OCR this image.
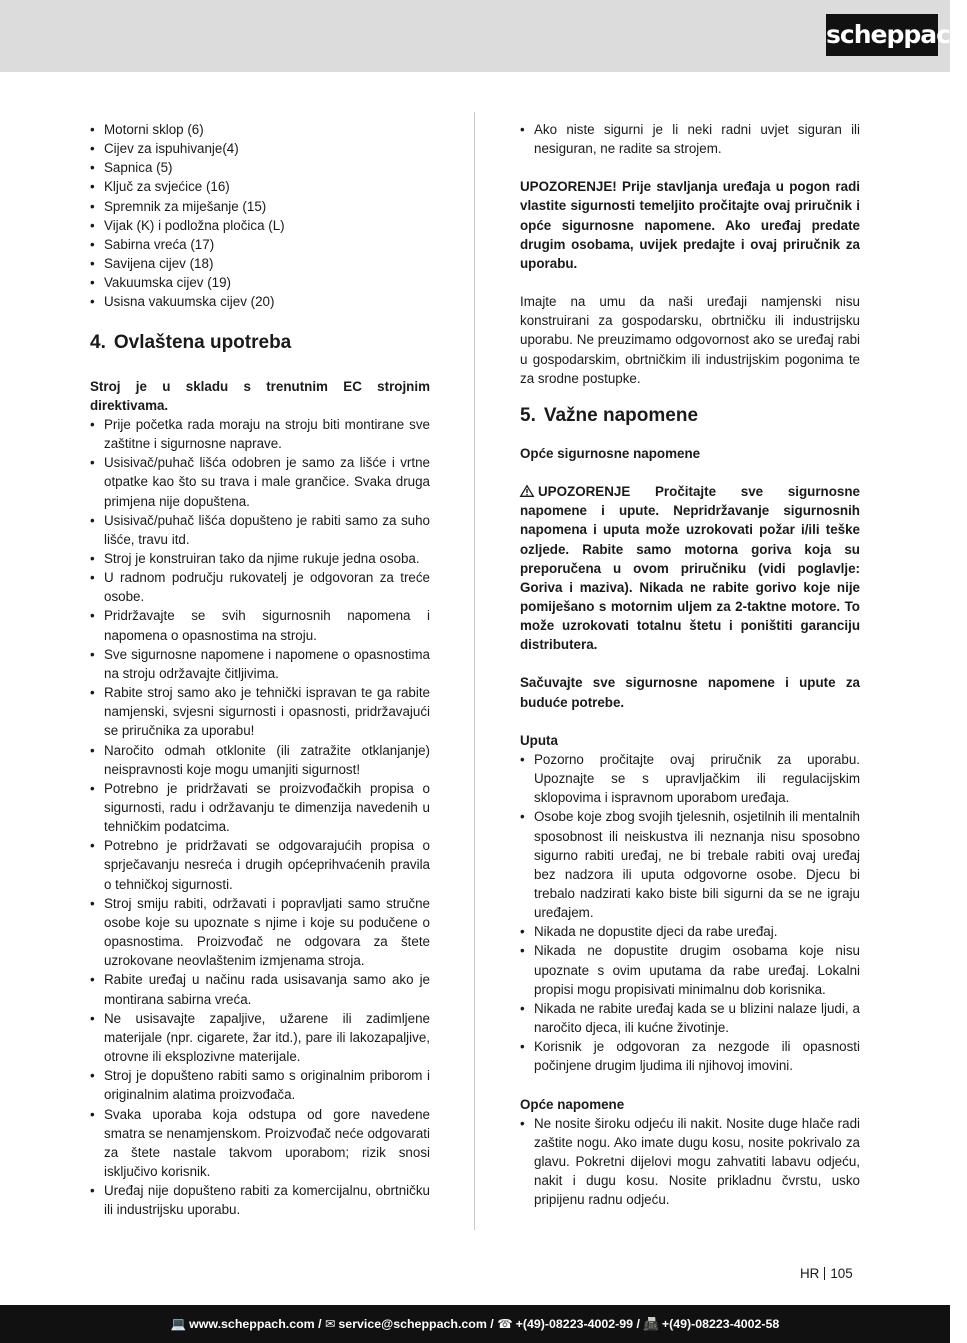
scheppach
• Motorni sklop (6)
• Cijev za ispuhivanje(4)
• Sapnica (5)
• Ključ za svjećice (16)
• Spremnik za miješanje (15)
• Vijak (K) i podložna pločica (L)
• Sabirna vreća (17)
• Savijena cijev (18)
• Vakuumska cijev (19)
• Usisna vakuumska cijev (20)
4. Ovlaštena upotreba

Stroj je u skladu s trenutnim EC strojnim direktivama.

• Prije početka rada moraju na stroju biti montirane sve zaštitne i sigurnosne naprave.
• Usisivač/puhač lišća odobren je samo za lišće i vrtne otpatke kao što su trava i male grančice. Svaka druga primjena nije dopuštena.
• Usisivač/puhač lišća dopušteno je rabiti samo za suho lišće, travu itd.
• Stroj je konstruiran tako da njime rukuje jedna osoba.
• U radnom području rukovatelj je odgovoran za treće osobe.
• Pridržavajte se svih sigurnosnih napomena i napomena o opasnostima na stroju.
• Sve sigurnosne napomene i napomene o opasnostima na stroju održavajte čitljivima.
• Rabite stroj samo ako je tehnički ispravan te ga rabite namjenski, svjesni sigurnosti i opasnosti, pridržavajući se priručnika za uporabu!
• Naročito odmah otklonite (ili zatražite otklanjanje) neispravnosti koje mogu umanjiti sigurnost!
• Potrebno je pridržavati se proizvođačkih propisa o sigurnosti, radu i održavanju te dimenzija navedenih u tehničkim podatcima.
• Potrebno je pridržavati se odgovarajućih propisa o sprječavanju nesreća i drugih općeprihvaćenih pravila o tehničkoj sigurnosti.
• Stroj smiju rabiti, održavati i popravljati samo stručne osobe koje su upoznate s njime i koje su podučene o opasnostima. Proizvođač ne odgovara za štete uzrokovane neovlaštenim izmjenama stroja.
• Rabite uređaj u načinu rada usisavanja samo ako je montirana sabirna vreća.
• Ne usisavajte zapaljive, užarene ili zadimljene materijale (npr. cigarete, žar itd.), pare ili lakozapaljive, otrovne ili eksplozivne materijale.
• Stroj je dopušteno rabiti samo s originalnim priborom i originalnim alatima proizvođača.
• Svaka uporaba koja odstupa od gore navedene smatra se nenamjenskom. Proizvođač neće odgovarati za štete nastale takvom uporabom; rizik snosi isključivo korisnik.
• Uređaj nije dopušteno rabiti za komercijalnu, obrtničku ili industrijsku uporabu.
• Ako niste sigurni je li neki radni uvjet siguran ili nesiguran, ne radite sa strojem.

UPOZORENJE! Prije stavljanja uređaja u pogon radi vlastite sigurnosti temeljito pročitajte ovaj priručnik i opće sigurnosne napomene. Ako uređaj predate drugim osobama, uvijek predajte i ovaj priručnik za uporabu.

Imajte na umu da naši uređaji namjenski nisu konstruirani za gospodarsku, obrtničku ili industrijsku uporabu. Ne preuzimamo odgovornost ako se uređaj rabi u gospodarskim, obrtničkim ili industrijskim pogonima te za srodne postupke.

5. Važne napomene

Opće sigurnosne napomene

UPOZORENJE Pročitajte sve sigurnosne napomene i upute. Nepridržavanje sigurnosnih napomena i uputa može uzrokovati požar i/ili teške ozljede. Rabite samo motorna goriva koja su preporučena u ovom priručniku (vidi poglavlje: Goriva i maziva). Nikada ne rabite gorivo koje nije pomiješano s motornim uljem za 2-taktne motore. To može uzrokovati totalnu štetu i poništiti garanciju distributera.

Sačuvajte sve sigurnosne napomene i upute za buduće potrebe.

Uputa

• Pozorno pročitajte ovaj priručnik za uporabu. Upoznajte se s upravljačkim ili regulacijskim sklopovima i ispravnom uporabom uređaja.
• Osobe koje zbog svojih tjelesnih, osjetilnih ili mentalnih sposobnost ili neiskustva ili neznanja nisu sposobno sigurno rabiti uređaj, ne bi trebale rabiti ovaj uređaj bez nadzora ili uputa odgovorne osobe. Djecu bi trebalo nadzirati kako biste bili sigurni da se ne igraju uređajem.
• Nikada ne dopustite djeci da rabe uređaj.
• Nikada ne dopustite drugim osobama koje nisu upoznate s ovim uputama da rabe uređaj. Lokalni propisi mogu propisivati minimalnu dob korisnika.
• Nikada ne rabite uređaj kada se u blizini nalaze ljudi, a naročito djeca, ili kućne životinje.
• Korisnik je odgovoran za nezgode ili opasnosti počinjene drugim ljudima ili njihovoj imovini.

Opće napomene

• Ne nosite široku odjeću ili nakit. Nosite duge hlače radi zaštite nogu. Ako imate dugu kosu, nosite pokrivalo za glavu. Pokretni dijelovi mogu zahvatiti labavu odjeću, nakit i dugu kosu. Nosite prikladnu čvrstu, usko pripijenu radnu odjeću.
HR 105
💻 www.scheppach.com / ✉ service@scheppach.com / ☎ +(49)-08223-4002-99 / 📠 +(49)-08223-4002-58
